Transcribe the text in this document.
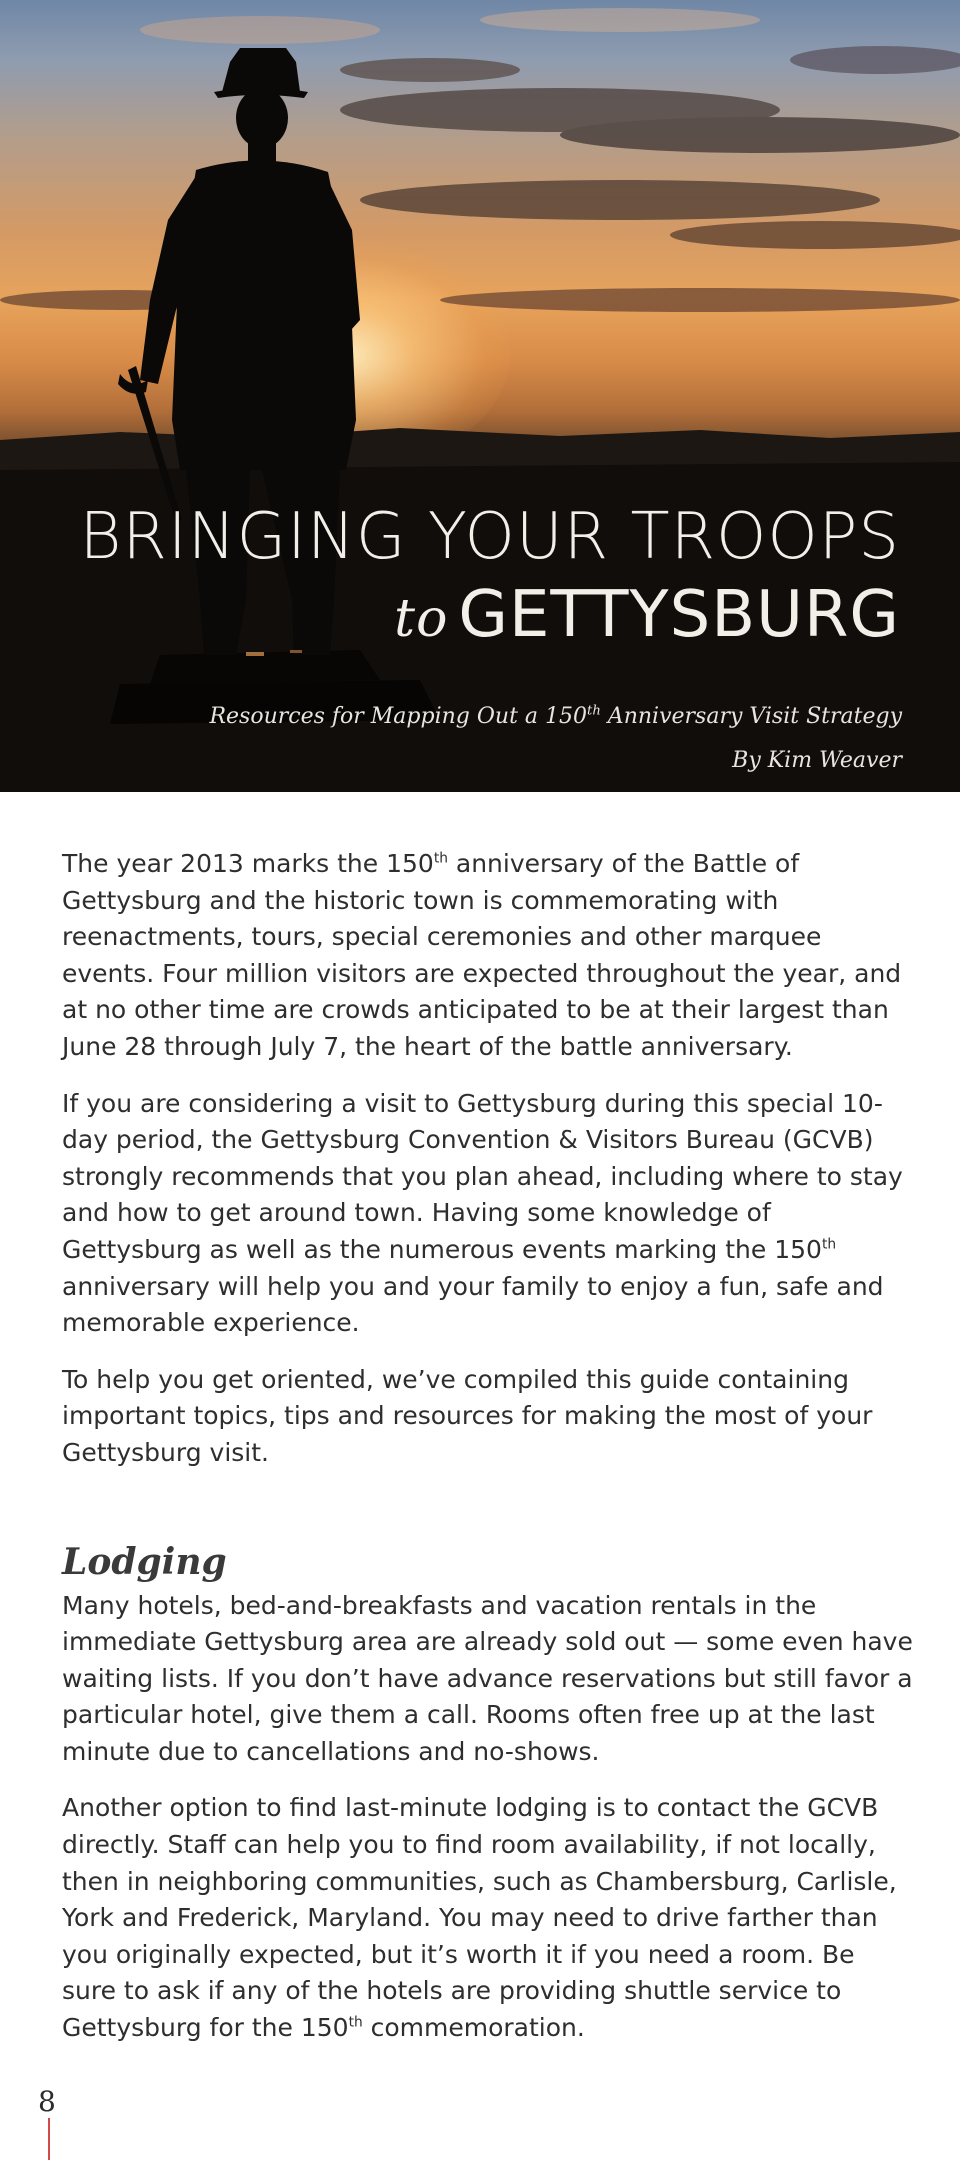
BRINGING YOUR TROOPS
to GETTYSBURG
Resources for Mapping Out a 150th Anniversary Visit Strategy
By Kim Weaver

The year 2013 marks the 150th anniversary of the Battle of Gettysburg and the historic town is commemorating with reenactments, tours, special ceremonies and other marquee events. Four million visitors are expected throughout the year, and at no other time are crowds anticipated to be at their largest than June 28 through July 7, the heart of the battle anniversary.

If you are considering a visit to Gettysburg during this special 10-day period, the Gettysburg Convention & Visitors Bureau (GCVB) strongly recommends that you plan ahead, including where to stay and how to get around town. Having some knowledge of Gettysburg as well as the numerous events marking the 150th anniversary will help you and your family to enjoy a fun, safe and memorable experience.

To help you get oriented, we’ve compiled this guide containing important topics, tips and resources for making the most of your Gettysburg visit.

Lodging

Many hotels, bed-and-breakfasts and vacation rentals in the immediate Gettysburg area are already sold out — some even have waiting lists. If you don’t have advance reservations but still favor a particular hotel, give them a call. Rooms often free up at the last minute due to cancellations and no-shows.

Another option to find last-minute lodging is to contact the GCVB directly. Staff can help you to find room availability, if not locally, then in neighboring communities, such as Chambersburg, Carlisle, York and Frederick, Maryland. You may need to drive farther than you originally expected, but it’s worth it if you need a room. Be sure to ask if any of the hotels are providing shuttle service to Gettysburg for the 150th commemoration.

8
